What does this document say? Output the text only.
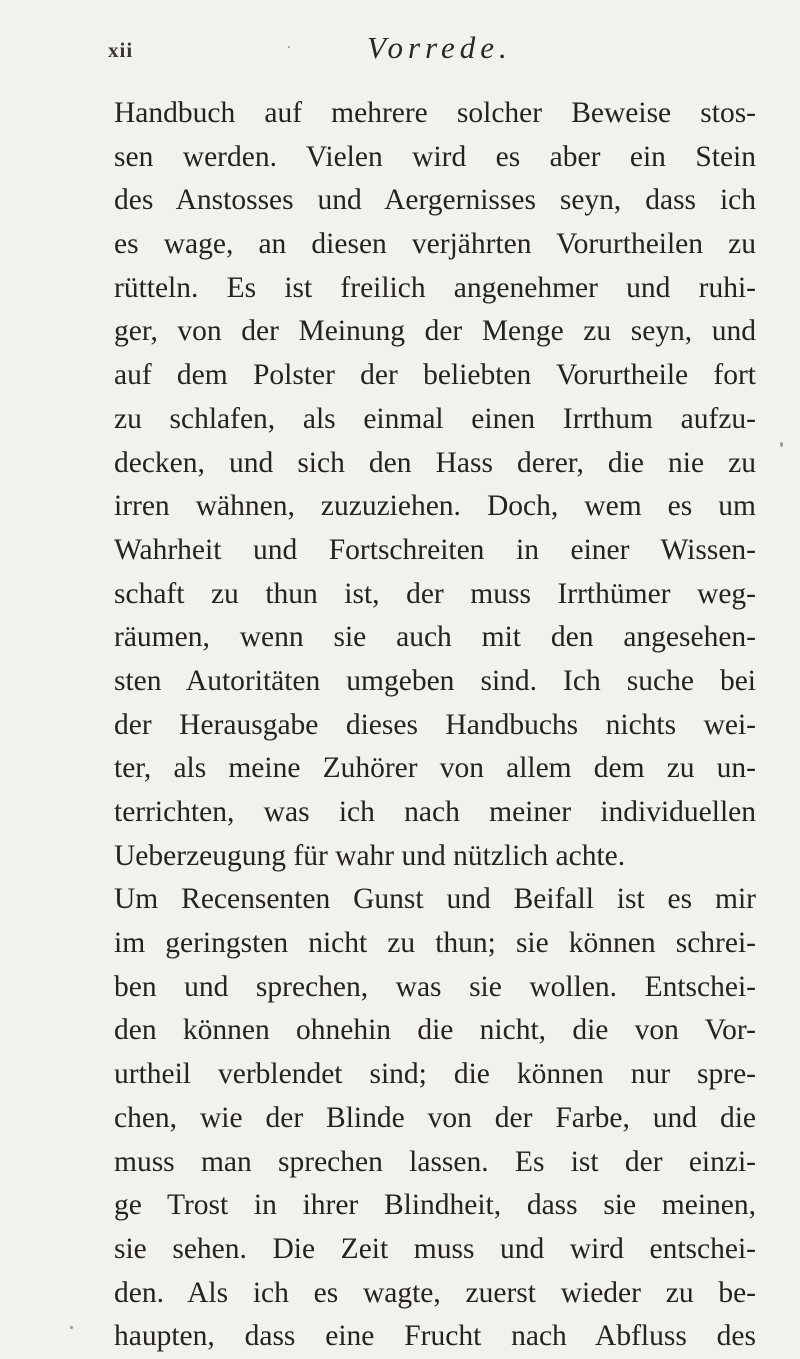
xii	Vorrede.
Handbuch auf mehrere solcher Beweise stos-
sen werden. Vielen wird es aber ein Stein
des Anstosses und Aergernisses seyn, dass ich
es wage, an diesen verjährten Vorurtheilen zu
rütteln. Es ist freilich angenehmer und ruhi-
ger, von der Meinung der Menge zu seyn, und
auf dem Polster der beliebten Vorurtheile fort
zu schlafen, als einmal einen Irrthum aufzu-
decken, und sich den Hass derer, die nie zu
irren wähnen, zuzuziehen. Doch, wem es um
Wahrheit und Fortschreiten in einer Wissen-
schaft zu thun ist, der muss Irrthümer weg-
räumen, wenn sie auch mit den angesehen-
sten Autoritäten umgeben sind. Ich suche bei
der Herausgabe dieses Handbuchs nichts wei-
ter, als meine Zuhörer von allem dem zu un-
terrichten, was ich nach meiner individuellen
Ueberzeugung für wahr und nützlich achte.
Um Recensenten Gunst und Beifall ist es mir
im geringsten nicht zu thun; sie können schrei-
ben und sprechen, was sie wollen. Entschei-
den können ohnehin die nicht, die von Vor-
urtheil verblendet sind; die können nur spre-
chen, wie der Blinde von der Farbe, und die
muss man sprechen lassen. Es ist der einzi-
ge Trost in ihrer Blindheit, dass sie meinen,
sie sehen. Die Zeit muss und wird entschei-
den. Als ich es wagte, zuerst wieder zu be-
haupten, dass eine Frucht nach Abfluss des
